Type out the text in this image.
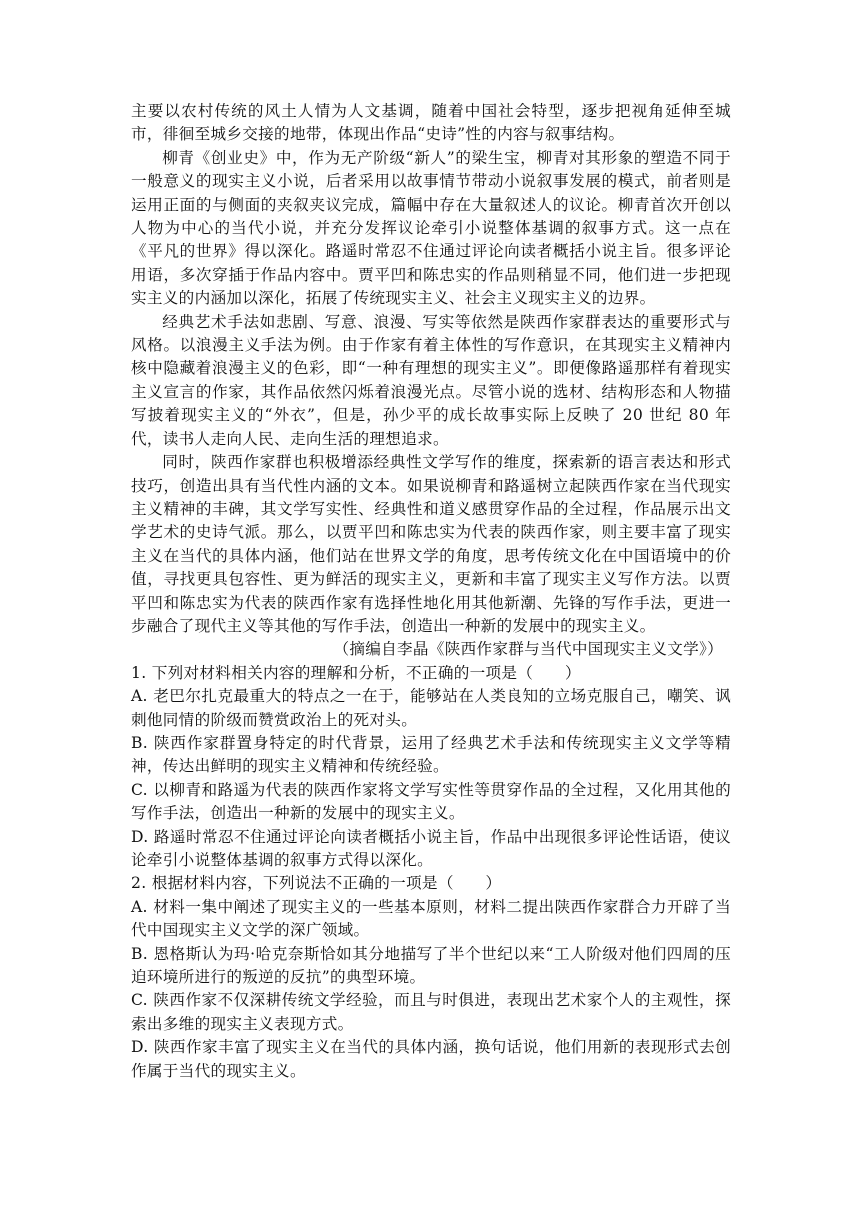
主要以农村传统的风土人情为人文基调，随着中国社会特型，逐步把视角延伸至城市，徘徊至城乡交接的地带，体现出作品“史诗”性的内容与叙事结构。

柳青《创业史》中，作为无产阶级“新人”的梁生宝，柳青对其形象的塑造不同于一般意义的现实主义小说，后者采用以故事情节带动小说叙事发展的模式，前者则是运用正面的与侧面的夹叙夹议完成，篇幅中存在大量叙述人的议论。柳青首次开创以人物为中心的当代小说，并充分发挥议论牵引小说整体基调的叙事方式。这一点在《平凡的世界》得以深化。路遥时常忍不住通过评论向读者概括小说主旨。很多评论用语，多次穿插于作品内容中。贾平凹和陈忠实的作品则稍显不同，他们进一步把现实主义的内涵加以深化，拓展了传统现实主义、社会主义现实主义的边界。

经典艺术手法如悲剧、写意、浪漫、写实等依然是陕西作家群表达的重要形式与风格。以浪漫主义手法为例。由于作家有着主体性的写作意识，在其现实主义精神内核中隐藏着浪漫主义的色彩，即“一种有理想的现实主义”。即便像路遥那样有着现实主义宣言的作家，其作品依然闪烁着浪漫光点。尽管小说的选材、结构形态和人物描写披着现实主义的“外衣”，但是，孙少平的成长故事实际上反映了 20 世纪 80 年代，读书人走向人民、走向生活的理想追求。

同时，陕西作家群也积极增添经典性文学写作的维度，探索新的语言表达和形式技巧，创造出具有当代性内涵的文本。如果说柳青和路遥树立起陕西作家在当代现实主义精神的丰碑，其文学写实性、经典性和道义感贯穿作品的全过程，作品展示出文学艺术的史诗气派。那么，以贾平凹和陈忠实为代表的陕西作家，则主要丰富了现实主义在当代的具体内涵，他们站在世界文学的角度，思考传统文化在中国语境中的价值，寻找更具包容性、更为鲜活的现实主义，更新和丰富了现实主义写作方法。以贾平凹和陈忠实为代表的陕西作家有选择性地化用其他新潮、先锋的写作手法，更进一步融合了现代主义等其他的写作手法，创造出一种新的发展中的现实主义。

（摘编自李晶《陕西作家群与当代中国现实主义文学》）

1. 下列对材料相关内容的理解和分析，不正确的一项是（　　）

A. 老巴尔扎克最重大的特点之一在于，能够站在人类良知的立场克服自己，嘲笑、讽刺他同情的阶级而赞赏政治上的死对头。

B. 陕西作家群置身特定的时代背景，运用了经典艺术手法和传统现实主义文学等精神，传达出鲜明的现实主义精神和传统经验。

C. 以柳青和路遥为代表的陕西作家将文学写实性等贯穿作品的全过程，又化用其他的写作手法，创造出一种新的发展中的现实主义。

D. 路遥时常忍不住通过评论向读者概括小说主旨，作品中出现很多评论性话语，使议论牵引小说整体基调的叙事方式得以深化。

2. 根据材料内容，下列说法不正确的一项是（　　）

A. 材料一集中阐述了现实主义的一些基本原则，材料二提出陕西作家群合力开辟了当代中国现实主义文学的深广领域。

B. 恩格斯认为玛·哈克奈斯恰如其分地描写了半个世纪以来“工人阶级对他们四周的压迫环境所进行的叛逆的反抗”的典型环境。

C. 陕西作家不仅深耕传统文学经验，而且与时俱进，表现出艺术家个人的主观性，探索出多维的现实主义表现方式。

D. 陕西作家丰富了现实主义在当代的具体内涵，换句话说，他们用新的表现形式去创作属于当代的现实主义。
